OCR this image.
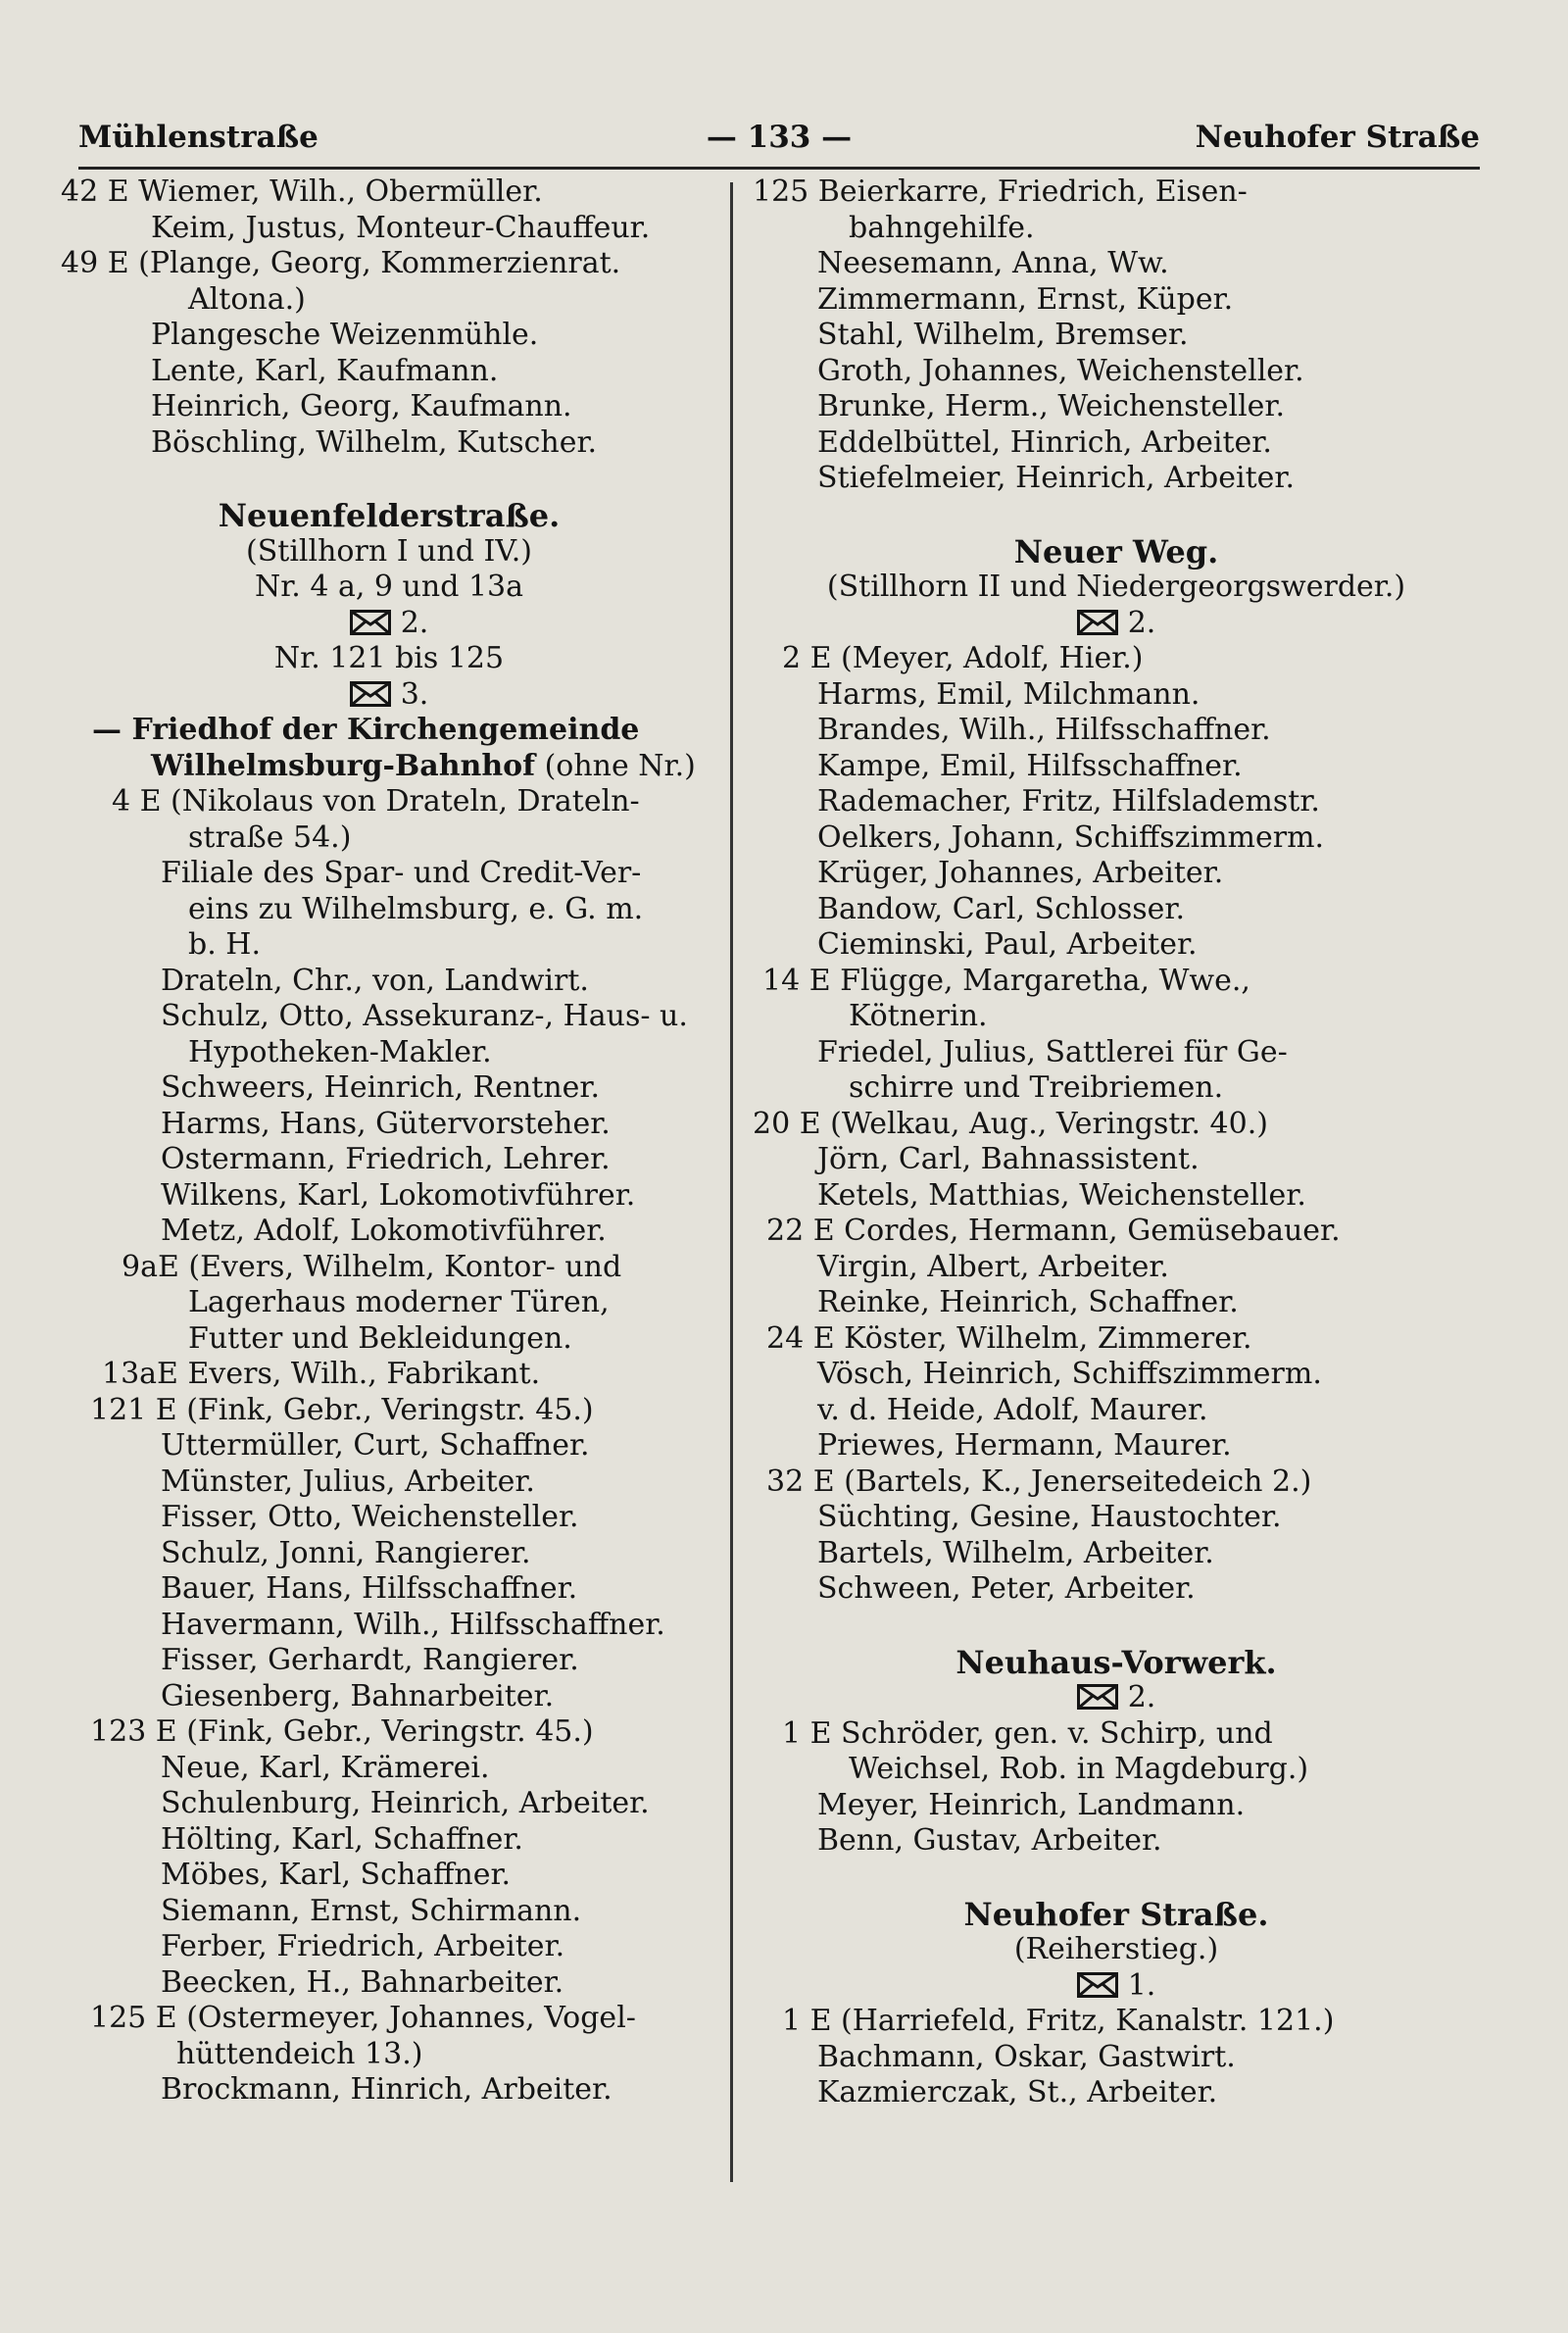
Mühlenstraße	— 133 —	Neuhofer Straße
42 E Wiemer, Wilh., Obermüller.
Keim, Justus, Monteur-Chauffeur.
49 E (Plange, Georg, Kommerzienrat.
Altona.)
Plangesche Weizenmühle.
Lente, Karl, Kaufmann.
Heinrich, Georg, Kaufmann.
Böschling, Wilhelm, Kutscher.
Neuenfelderstraße.
(Stillhorn I und IV.)
Nr. 4 a, 9 und 13a
2.
Nr. 121 bis 125
3.
— Friedhof der Kirchengemeinde
Wilhelmsburg-Bahnhof (ohne Nr.)
4 E (Nikolaus von Drateln, Drateln-
straße 54.)
Filiale des Spar- und Credit-Ver-
eins zu Wilhelmsburg, e. G. m.
b. H.
Drateln, Chr., von, Landwirt.
Schulz, Otto, Assekuranz-, Haus- u.
Hypotheken-Makler.
Schweers, Heinrich, Rentner.
Harms, Hans, Gütervorsteher.
Ostermann, Friedrich, Lehrer.
Wilkens, Karl, Lokomotivführer.
Metz, Adolf, Lokomotivführer.
9aE (Evers, Wilhelm, Kontor- und
Lagerhaus moderner Türen,
Futter und Bekleidungen.
13aE Evers, Wilh., Fabrikant.
121 E (Fink, Gebr., Veringstr. 45.)
Uttermüller, Curt, Schaffner.
Münster, Julius, Arbeiter.
Fisser, Otto, Weichensteller.
Schulz, Jonni, Rangierer.
Bauer, Hans, Hilfsschaffner.
Havermann, Wilh., Hilfsschaffner.
Fisser, Gerhardt, Rangierer.
Giesenberg, Bahnarbeiter.
123 E (Fink, Gebr., Veringstr. 45.)
Neue, Karl, Krämerei.
Schulenburg, Heinrich, Arbeiter.
Hölting, Karl, Schaffner.
Möbes, Karl, Schaffner.
Siemann, Ernst, Schirmann.
Ferber, Friedrich, Arbeiter.
Beecken, H., Bahnarbeiter.
125 E (Ostermeyer, Johannes, Vogel-
hüttendeich 13.)
Brockmann, Hinrich, Arbeiter.
125 Beierkarre, Friedrich, Eisen-
bahngehilfe.
Neesemann, Anna, Ww.
Zimmermann, Ernst, Küper.
Stahl, Wilhelm, Bremser.
Groth, Johannes, Weichensteller.
Brunke, Herm., Weichensteller.
Eddelbüttel, Hinrich, Arbeiter.
Stiefelmeier, Heinrich, Arbeiter.
Neuer Weg.
(Stillhorn II und Niedergeorgswerder.)
2.
2 E (Meyer, Adolf, Hier.)
Harms, Emil, Milchmann.
Brandes, Wilh., Hilfsschaffner.
Kampe, Emil, Hilfsschaffner.
Rademacher, Fritz, Hilfslademstr.
Oelkers, Johann, Schiffszimmerm.
Krüger, Johannes, Arbeiter.
Bandow, Carl, Schlosser.
Cieminski, Paul, Arbeiter.
14 E Flügge, Margaretha, Wwe.,
Kötnerin.
Friedel, Julius, Sattlerei für Ge-
schirre und Treibriemen.
20 E (Welkau, Aug., Veringstr. 40.)
Jörn, Carl, Bahnassistent.
Ketels, Matthias, Weichensteller.
22 E Cordes, Hermann, Gemüsebauer.
Virgin, Albert, Arbeiter.
Reinke, Heinrich, Schaffner.
24 E Köster, Wilhelm, Zimmerer.
Vösch, Heinrich, Schiffszimmerm.
v. d. Heide, Adolf, Maurer.
Priewes, Hermann, Maurer.
32 E (Bartels, K., Jenerseitedeich 2.)
Süchting, Gesine, Haustochter.
Bartels, Wilhelm, Arbeiter.
Schween, Peter, Arbeiter.
Neuhaus-Vorwerk.
2.
1 E Schröder, gen. v. Schirp, und
Weichsel, Rob. in Magdeburg.)
Meyer, Heinrich, Landmann.
Benn, Gustav, Arbeiter.
Neuhofer Straße.
(Reiherstieg.)
1.
1 E (Harriefeld, Fritz, Kanalstr. 121.)
Bachmann, Oskar, Gastwirt.
Kazmierczak, St., Arbeiter.
